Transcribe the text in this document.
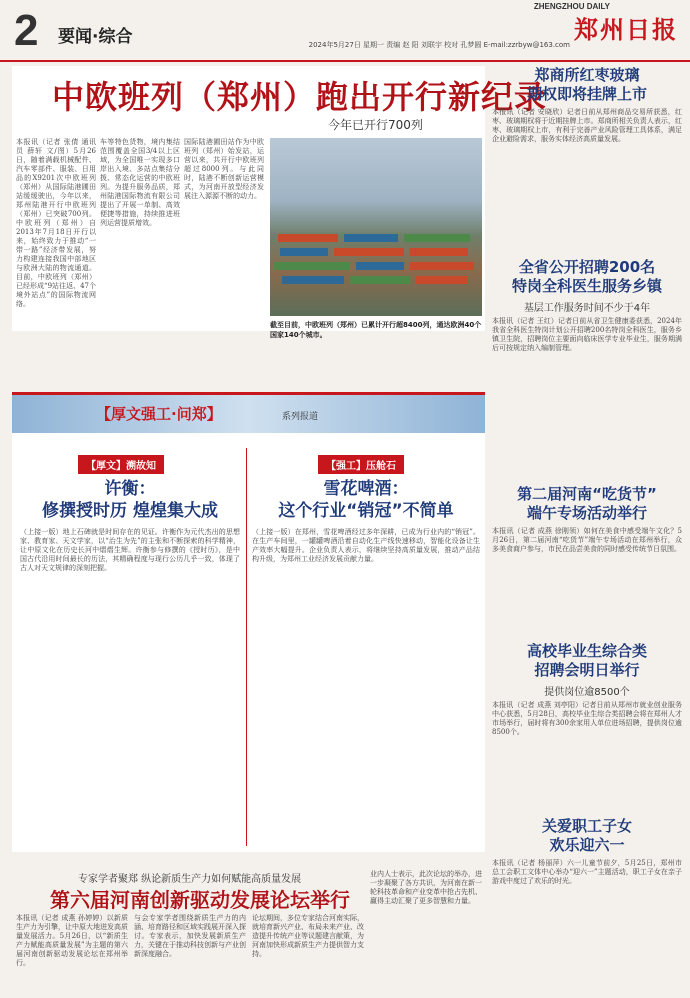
2 要闻·综合
ZHENGZHOU DAILY
郑州日报
2024年5月27日 星期一 责编 赵 阳 刘联宇 校对 孔梦圆 E-mail:zzrbyw@163.com
中欧班列（郑州）跑出开行新纪录
今年已开行700列
本报讯（记者 张倩 通讯员 薛轩 文/图）5月26日，随着满载机械配件、汽车零部件、服装、日用品的X9201次中欧班列（郑州）从国际陆港圃田站缓缓驶出，今年以来，郑州陆港开行中欧班列（郑州）已突破700列。中欧班列（郑州）自2013年7月18日开行以来，始终致力于推动“一带一路”经济带发展，努力构建连接我国中部地区与欧洲大陆的物流通道。目前，中欧班列（郑州）已经形成“9站往返、47个境外站点”的国际物流网络。
车等特色货物，境内集结范围覆盖全国3/4以上区域，为全国唯一实现多口岸出入境、多站点集结分拨、常态化运营的中欧班列。为提升服务品质，郑州陆港国际物流有限公司提出了开展一单制、高效便捷等措施，持续推进班列运营提质增效。
国际陆港圃田站作为中欧班列（郑州）始发站，运营以来，共开行中欧班列超过8000列。与此同时，陆港不断创新运营模式，为河南开放型经济发展注入源源不断的动力。
截至目前，中欧班列（郑州）已累计开行超8400列，通达欧洲40个国家140个城市。
郑商所红枣玻璃
期权即将挂牌上市
本报讯（记者 安晓欣）记者日前从郑州商品交易所获悉，红枣、玻璃期权将于近期挂牌上市。郑商所相关负责人表示，红枣、玻璃期权上市，有利于完善产业风险管理工具体系，满足企业避险需求，服务实体经济高质量发展。
全省公开招聘200名
特岗全科医生服务乡镇
基层工作服务时间不少于4年
本报讯（记者 王红）记者日前从省卫生健康委获悉，2024年我省全科医生特岗计划公开招聘200名特岗全科医生，服务乡镇卫生院，招聘岗位主要面向临床医学专业毕业生，服务期满后可按规定纳入编制管理。
第二届河南“吃货节”
端午专场活动举行
本报讯（记者 成燕 徐刚领）如何在美食中感受端午文化？5月26日，第二届河南“吃货节”端午专场活动在郑州举行，众多美食商户参与，市民在品尝美食的同时感受传统节日氛围。
高校毕业生综合类
招聘会明日举行
提供岗位逾8500个
本报讯（记者 成燕 刘亭阳）记者日前从郑州市就业创业服务中心获悉，5月28日，高校毕业生综合类招聘会将在郑州人才市场举行，届时将有300余家用人单位进场招聘，提供岗位逾8500个。
关爱职工子女
欢乐迎六一
本报讯（记者 杨丽萍）六一儿童节前夕，5月25日，郑州市总工会职工文体中心举办“迎六一”主题活动，职工子女在亲子游戏中度过了欢乐的时光。
【厚文强工·问郑】	系列报道
【厚文】溯故知
许衡：
修撰授时历 煌煌集大成
（上接一版）地上石碑就是时间存在的见证。许衡作为元代杰出的思想家、教育家、天文学家，以“治生为先”的主张和不断探索的科学精神，让中原文化在历史长河中熠熠生辉。许衡参与修撰的《授时历》，是中国古代沿用时间最长的历法，其精确程度与现行公历几乎一致，体现了古人对天文规律的深刻把握。
【强工】压舱石
雪花啤酒：
这个行业“销冠”不简单
（上接一版）在郑州，雪花啤酒经过多年深耕，已成为行业内的“销冠”。在生产车间里，一罐罐啤酒沿着自动化生产线快速移动，智能化设备让生产效率大幅提升。企业负责人表示，将继续坚持高质量发展，推动产品结构升级，为郑州工业经济发展贡献力量。
专家学者聚郑 纵论新质生产力如何赋能高质量发展
第六届河南创新驱动发展论坛举行
本报讯（记者 成燕 孙婷婷）以新质生产力为引擎，让中原大地迸发高质量发展活力。5月26日，以“新质生产力赋能高质量发展”为主题的第六届河南创新驱动发展论坛在郑州举行。
与会专家学者围绕新质生产力的内涵、培育路径和区域实践展开深入探讨。专家表示，加快发展新质生产力，关键在于推动科技创新与产业创新深度融合。
论坛期间，多位专家结合河南实际，就培育新兴产业、布局未来产业、改造提升传统产业等议题建言献策，为河南加快形成新质生产力提供智力支持。
业内人士表示，此次论坛的举办，进一步凝聚了各方共识，为河南在新一轮科技革命和产业变革中抢占先机、赢得主动汇聚了更多智慧和力量。
